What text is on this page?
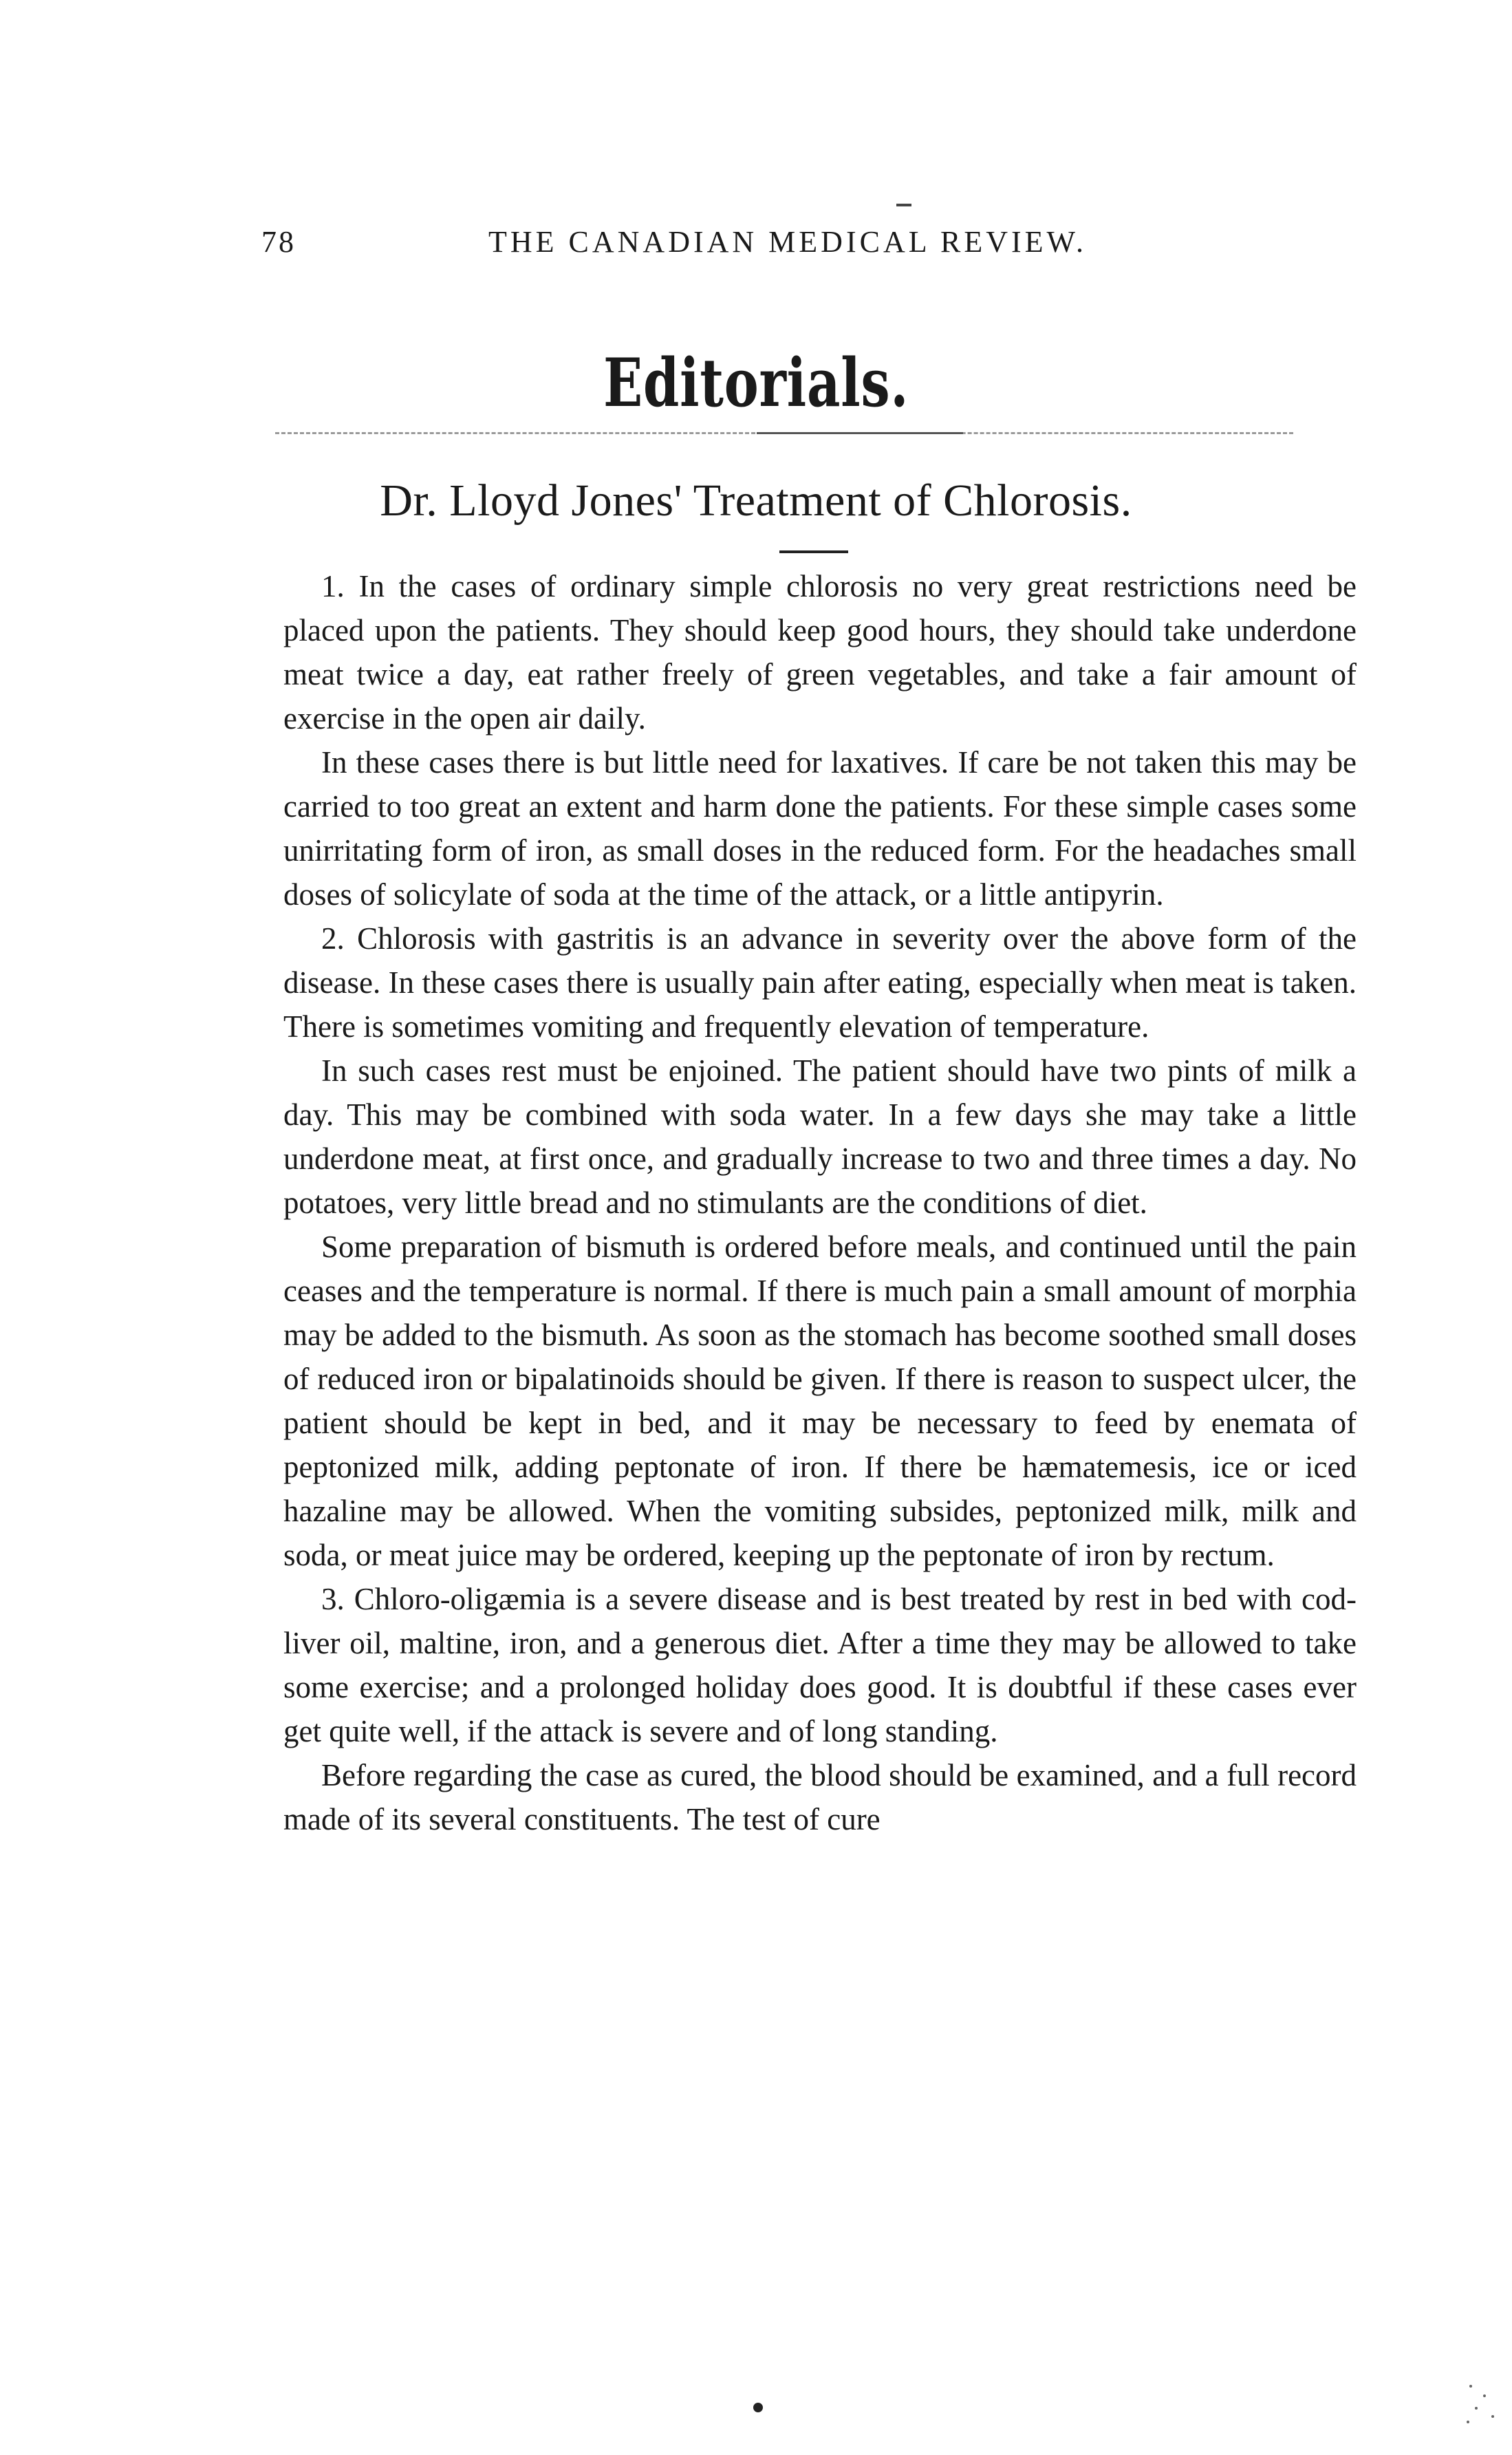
78	THE CANADIAN MEDICAL REVIEW.
Editorials.
Dr. Lloyd Jones' Treatment of Chlorosis.

1. In the cases of ordinary simple chlorosis no very great restrictions need be placed upon the patients. They should keep good hours, they should take underdone meat twice a day, eat rather freely of green vegetables, and take a fair amount of exercise in the open air daily.

In these cases there is but little need for laxatives. If care be not taken this may be carried to too great an extent and harm done the patients. For these simple cases some unirritating form of iron, as small doses in the reduced form. For the headaches small doses of solicylate of soda at the time of the attack, or a little antipyrin.

2. Chlorosis with gastritis is an advance in severity over the above form of the disease. In these cases there is usually pain after eating, especially when meat is taken. There is sometimes vomiting and frequently elevation of temperature.

In such cases rest must be enjoined. The patient should have two pints of milk a day. This may be combined with soda water. In a few days she may take a little underdone meat, at first once, and gradually increase to two and three times a day. No potatoes, very little bread and no stimulants are the conditions of diet.

Some preparation of bismuth is ordered before meals, and continued until the pain ceases and the temperature is normal. If there is much pain a small amount of morphia may be added to the bismuth. As soon as the stomach has become soothed small doses of reduced iron or bipalatinoids should be given. If there is reason to suspect ulcer, the patient should be kept in bed, and it may be necessary to feed by enemata of peptonized milk, adding peptonate of iron. If there be hæmatemesis, ice or iced hazaline may be allowed. When the vomiting subsides, peptonized milk, milk and soda, or meat juice may be ordered, keeping up the peptonate of iron by rectum.

3. Chloro-oligæmia is a severe disease and is best treated by rest in bed with cod-liver oil, maltine, iron, and a generous diet. After a time they may be allowed to take some exercise; and a prolonged holiday does good. It is doubtful if these cases ever get quite well, if the attack is severe and of long standing.

Before regarding the case as cured, the blood should be examined, and a full record made of its several constituents. The test of cure
